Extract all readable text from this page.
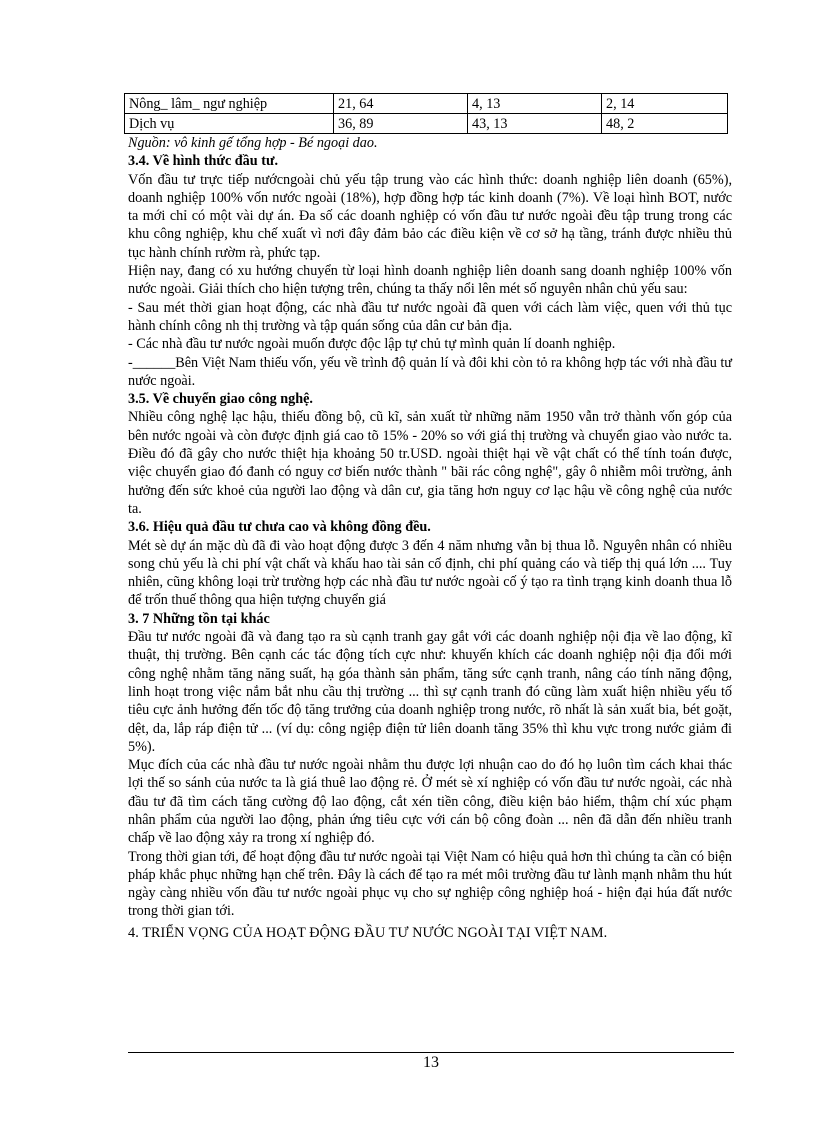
Nông_ lâm_ ngư nghiệp	21, 64	4, 13	2, 14
Dịch vụ	36, 89	43, 13	48, 2

Nguồn: vô kinh gế tổng hợp - Bé ngoại dao.

3.4. Về hình thức đầu tư.

Vốn đầu tư trực tiếp nướcngoài chủ yếu tập trung vào các hình thức: doanh nghiệp liên doanh (65%), doanh nghiệp 100% vốn nước ngoài (18%), hợp đồng hợp tác kinh doanh (7%). Về loại hình BOT, nước ta mới chỉ có một vài dự án. Đa số các doanh nghiệp có vốn đầu tư nước ngoài đều tập trung trong các khu công nghiệp, khu chế xuất vì nơi đây đảm bảo các điều kiện về cơ sở hạ tầng, tránh được nhiều thủ tục hành chính rườm rà, phức tạp.

Hiện nay, đang có xu hướng chuyển từ loại hình doanh nghiệp liên doanh sang doanh nghiệp 100% vốn nước ngoài. Giải thích cho hiện tượng trên, chúng ta thấy nổi lên mét số nguyên nhân chủ yếu sau:

- Sau mét thời gian hoạt động, các nhà đầu tư nước ngoài đã quen với cách làm việc, quen với thủ tục hành chính công nh thị trường và tập quán sống của dân cư bản địa.

- Các nhà đầu tư nước ngoài muốn được độc lập tự chủ tự mình quản lí doanh nghiệp.

-______Bên Việt Nam thiếu vốn, yếu về trình độ quản lí và đôi khi còn tỏ ra không hợp tác với nhà đầu tư nước ngoài.

3.5. Về chuyển giao công nghệ.

Nhiều công nghệ lạc hậu, thiếu đồng bộ, cũ kĩ, sản xuất từ những năm 1950 vẫn trở thành vốn góp của bên nước ngoài và còn được định giá cao tõ 15% - 20% so với giá thị trường và chuyển giao vào nước ta. Điều đó đã gây cho nước thiệt hịa khoảng 50 tr.USD. ngoài thiệt hại về vật chất có thể tính toán được, việc chuyển giao đó đanh có nguy cơ biến nước thành " bãi rác công nghệ", gây ô nhiễm môi trường, ảnh hưởng đến sức khoẻ của người lao động và dân cư, gia tăng hơn nguy cơ lạc hậu về công nghệ của nước ta.

3.6. Hiệu quả đầu tư chưa cao và không đồng đều.

Mét sè dự án mặc dù đã đi vào hoạt động được 3 đến 4 năm nhưng vẫn bị thua lỗ. Nguyên nhân có nhiều song chủ yếu là chi phí vật chất và khấu hao tài sản cố định, chi phí quảng cáo và tiếp thị quá lớn .... Tuy nhiên, cũng không loại trừ trường hợp các nhà đầu tư nước ngoài cố ý tạo ra tình trạng kinh doanh thua lỗ để trốn thuế thông qua hiện tượng chuyển giá

3. 7 Những tồn tại khác

Đầu tư nước ngoài đã và đang tạo ra sù cạnh tranh gay gắt với các doanh nghiệp nội địa về lao động, kĩ thuật, thị trường. Bên cạnh các tác động tích cực như: khuyến khích các doanh nghiệp nội địa đổi mới công nghệ nhằm tăng năng suất, hạ góa thành sản phẩm, tăng sức cạnh tranh, nâng cáo tính năng động, linh hoạt trong việc nắm bắt nhu cầu thị trường ... thì sự cạnh tranh đó cũng làm xuất hiện nhiều yếu tố tiêu cực ảnh hưởng đến tốc độ tăng trưởng của doanh nghiệp trong nước, rõ nhất là sản xuất bia, bét goặt, dệt, da, lắp ráp điện tử ... (ví dụ: công ngiệp điện tử liên doanh tăng 35% thì khu vực trong nước giảm đi 5%).

Mục đích của các nhà đầu tư nước ngoài nhằm thu được lợi nhuận cao do đó họ luôn tìm cách khai thác lợi thế so sánh của nước ta là giá thuê lao động rẻ. Ở mét sè xí nghiệp có vốn đầu tư nước ngoài, các nhà đầu tư đã tìm cách tăng cường độ lao động, cắt xén tiền công, điều kiện bảo hiểm, thậm chí xúc phạm nhân phẩm của người lao động, phản ứng tiêu cực với cán bộ công đoàn ... nên đã dẫn đến nhiều tranh chấp về lao động xảy ra trong xí nghiệp đó.

Trong thời gian tới, để hoạt động đầu tư nước ngoài tại Việt Nam có hiệu quả hơn thì chúng ta cần có biện pháp khắc phục những hạn chế trên. Đây là cách để tạo ra mét môi trường đầu tư lành mạnh nhằm thu hút ngày càng nhiều vốn đầu tư nước ngoài phục vụ cho sự nghiệp công nghiệp hoá - hiện đại húa đất nước trong thời gian tới.

4. TRIỂN VỌNG CỦA HOẠT ĐỘNG ĐẦU TƯ NƯỚC NGOÀI TẠI VIỆT NAM.

13
